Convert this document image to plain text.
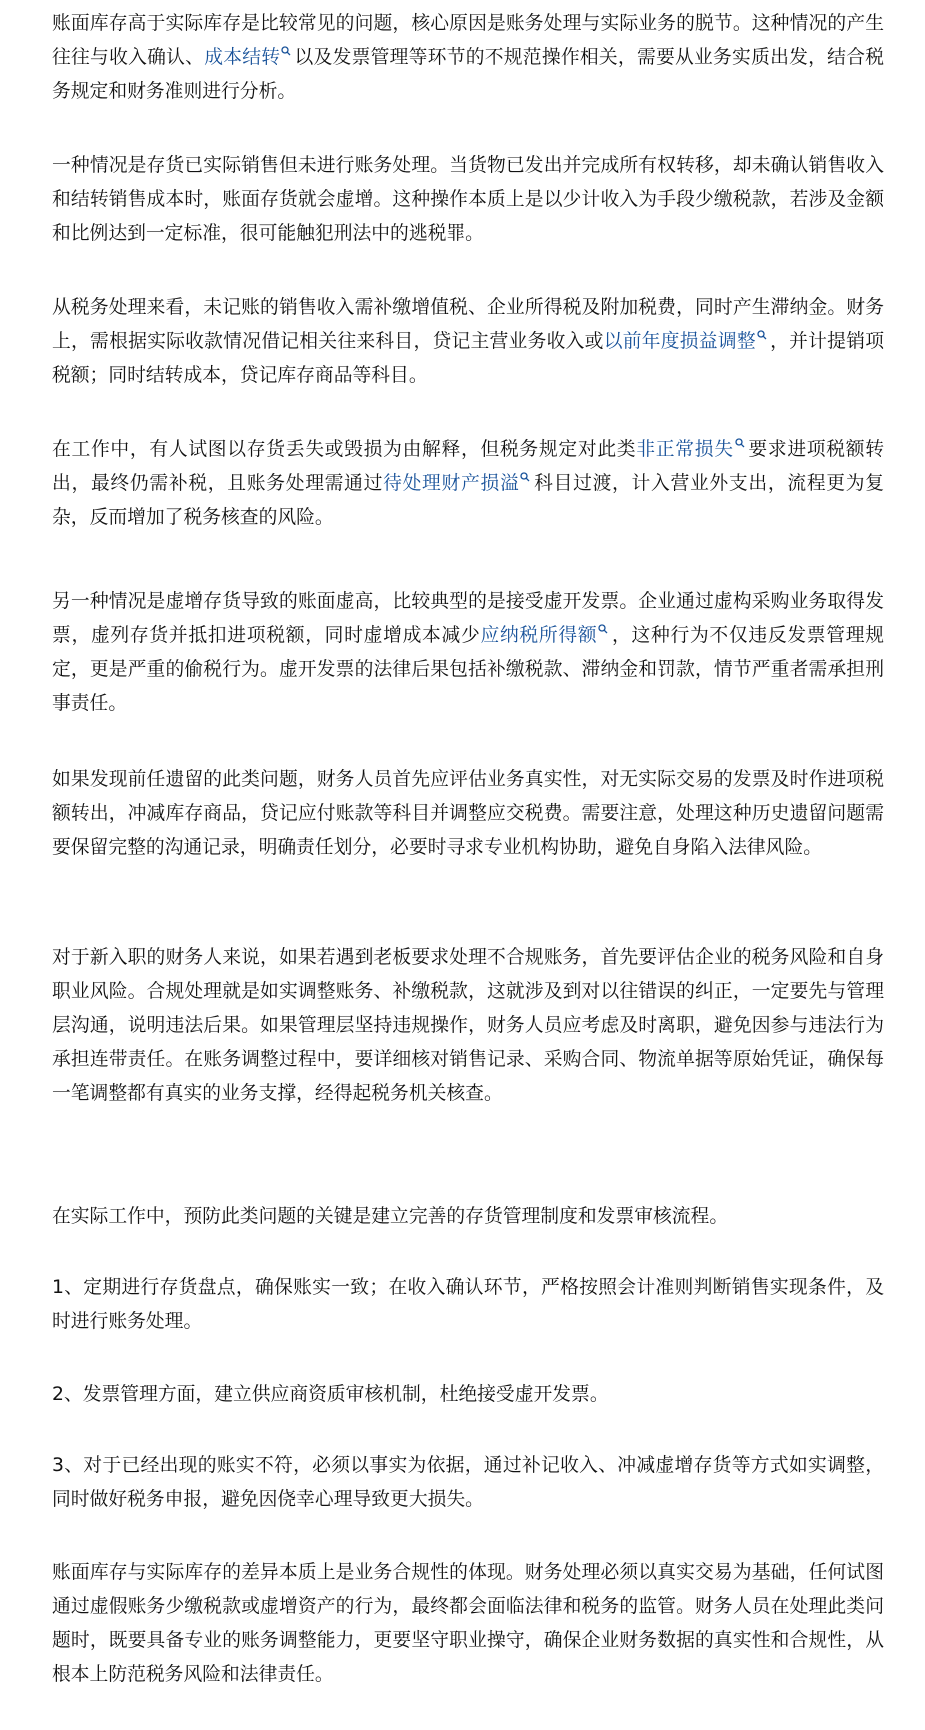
账面库存高于实际库存是比较常见的问题，核心原因是账务处理与实际业务的脱节。这种情况的产生往往与收入确认、成本结转 以及发票管理等环节的不规范操作相关，需要从业务实质出发，结合税务规定和财务准则进行分析。

一种情况是存货已实际销售但未进行账务处理。当货物已发出并完成所有权转移，却未确认销售收入和结转销售成本时，账面存货就会虚增。这种操作本质上是以少计收入为手段少缴税款，若涉及金额和比例达到一定标准，很可能触犯刑法中的逃税罪。

从税务处理来看，未记账的销售收入需补缴增值税、企业所得税及附加税费，同时产生滞纳金。财务上，需根据实际收款情况借记相关往来科目，贷记主营业务收入或以前年度损益调整 ，并计提销项税额；同时结转成本，贷记库存商品等科目。

在工作中，有人试图以存货丢失或毁损为由解释，但税务规定对此类非正常损失 要求进项税额转出，最终仍需补税，且账务处理需通过待处理财产损溢 科目过渡，计入营业外支出，流程更为复杂，反而增加了税务核查的风险。

另一种情况是虚增存货导致的账面虚高，比较典型的是接受虚开发票。企业通过虚构采购业务取得发票，虚列存货并抵扣进项税额，同时虚增成本减少应纳税所得额 ，这种行为不仅违反发票管理规定，更是严重的偷税行为。虚开发票的法律后果包括补缴税款、滞纳金和罚款，情节严重者需承担刑事责任。

如果发现前任遗留的此类问题，财务人员首先应评估业务真实性，对无实际交易的发票及时作进项税额转出，冲减库存商品，贷记应付账款等科目并调整应交税费。需要注意，处理这种历史遗留问题需要保留完整的沟通记录，明确责任划分，必要时寻求专业机构协助，避免自身陷入法律风险。

对于新入职的财务人来说，如果若遇到老板要求处理不合规账务，首先要评估企业的税务风险和自身职业风险。合规处理就是如实调整账务、补缴税款，这就涉及到对以往错误的纠正，一定要先与管理层沟通，说明违法后果。如果管理层坚持违规操作，财务人员应考虑及时离职，避免因参与违法行为承担连带责任。在账务调整过程中，要详细核对销售记录、采购合同、物流单据等原始凭证，确保每一笔调整都有真实的业务支撑，经得起税务机关核查。

在实际工作中，预防此类问题的关键是建立完善的存货管理制度和发票审核流程。

1、定期进行存货盘点，确保账实一致；在收入确认环节，严格按照会计准则判断销售实现条件，及时进行账务处理。

2、发票管理方面，建立供应商资质审核机制，杜绝接受虚开发票。

3、对于已经出现的账实不符，必须以事实为依据，通过补记收入、冲减虚增存货等方式如实调整，同时做好税务申报，避免因侥幸心理导致更大损失。

账面库存与实际库存的差异本质上是业务合规性的体现。财务处理必须以真实交易为基础，任何试图通过虚假账务少缴税款或虚增资产的行为，最终都会面临法律和税务的监管。财务人员在处理此类问题时，既要具备专业的账务调整能力，更要坚守职业操守，确保企业财务数据的真实性和合规性，从根本上防范税务风险和法律责任。
